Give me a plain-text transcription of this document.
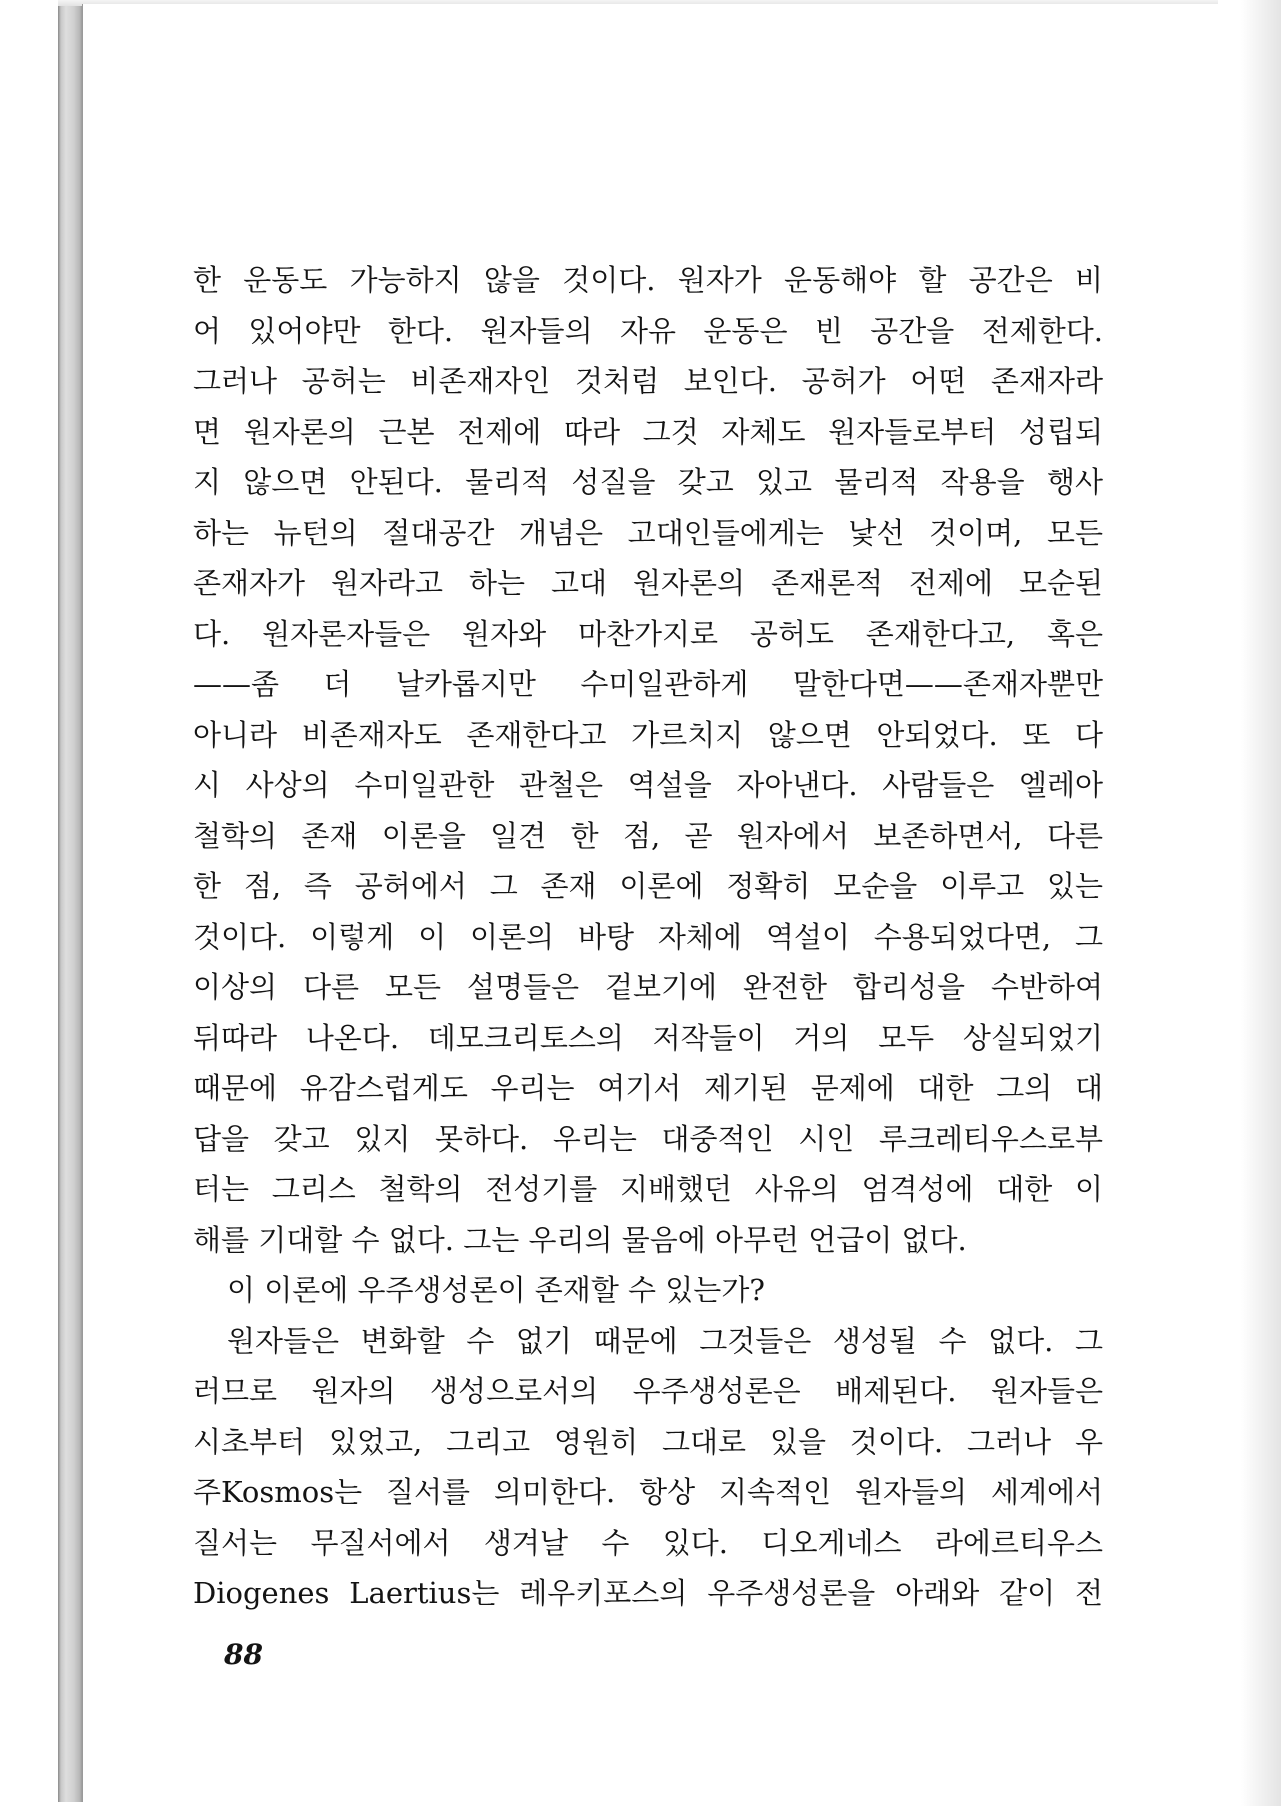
한 운동도 가능하지 않을 것이다. 원자가 운동해야 할 공간은 비
어 있어야만 한다. 원자들의 자유 운동은 빈 공간을 전제한다.
그러나 공허는 비존재자인 것처럼 보인다. 공허가 어떤 존재자라
면 원자론의 근본 전제에 따라 그것 자체도 원자들로부터 성립되
지 않으면 안된다. 물리적 성질을 갖고 있고 물리적 작용을 행사
하는 뉴턴의 절대공간 개념은 고대인들에게는 낯선 것이며, 모든
존재자가 원자라고 하는 고대 원자론의 존재론적 전제에 모순된
다. 원자론자들은 원자와 마찬가지로 공허도 존재한다고, 혹은
——좀 더 날카롭지만 수미일관하게 말한다면——존재자뿐만
아니라 비존재자도 존재한다고 가르치지 않으면 안되었다. 또 다
시 사상의 수미일관한 관철은 역설을 자아낸다. 사람들은 엘레아
철학의 존재 이론을 일견 한 점, 곧 원자에서 보존하면서, 다른
한 점, 즉 공허에서 그 존재 이론에 정확히 모순을 이루고 있는
것이다. 이렇게 이 이론의 바탕 자체에 역설이 수용되었다면, 그
이상의 다른 모든 설명들은 겉보기에 완전한 합리성을 수반하여
뒤따라 나온다. 데모크리토스의 저작들이 거의 모두 상실되었기
때문에 유감스럽게도 우리는 여기서 제기된 문제에 대한 그의 대
답을 갖고 있지 못하다. 우리는 대중적인 시인 루크레티우스로부
터는 그리스 철학의 전성기를 지배했던 사유의 엄격성에 대한 이
해를 기대할 수 없다. 그는 우리의 물음에 아무런 언급이 없다.
이 이론에 우주생성론이 존재할 수 있는가?
원자들은 변화할 수 없기 때문에 그것들은 생성될 수 없다. 그
러므로 원자의 생성으로서의 우주생성론은 배제된다. 원자들은
시초부터 있었고, 그리고 영원히 그대로 있을 것이다. 그러나 우
주Kosmos는 질서를 의미한다. 항상 지속적인 원자들의 세계에서
질서는 무질서에서 생겨날 수 있다. 디오게네스 라에르티우스
Diogenes Laertius는 레우키포스의 우주생성론을 아래와 같이 전
88
